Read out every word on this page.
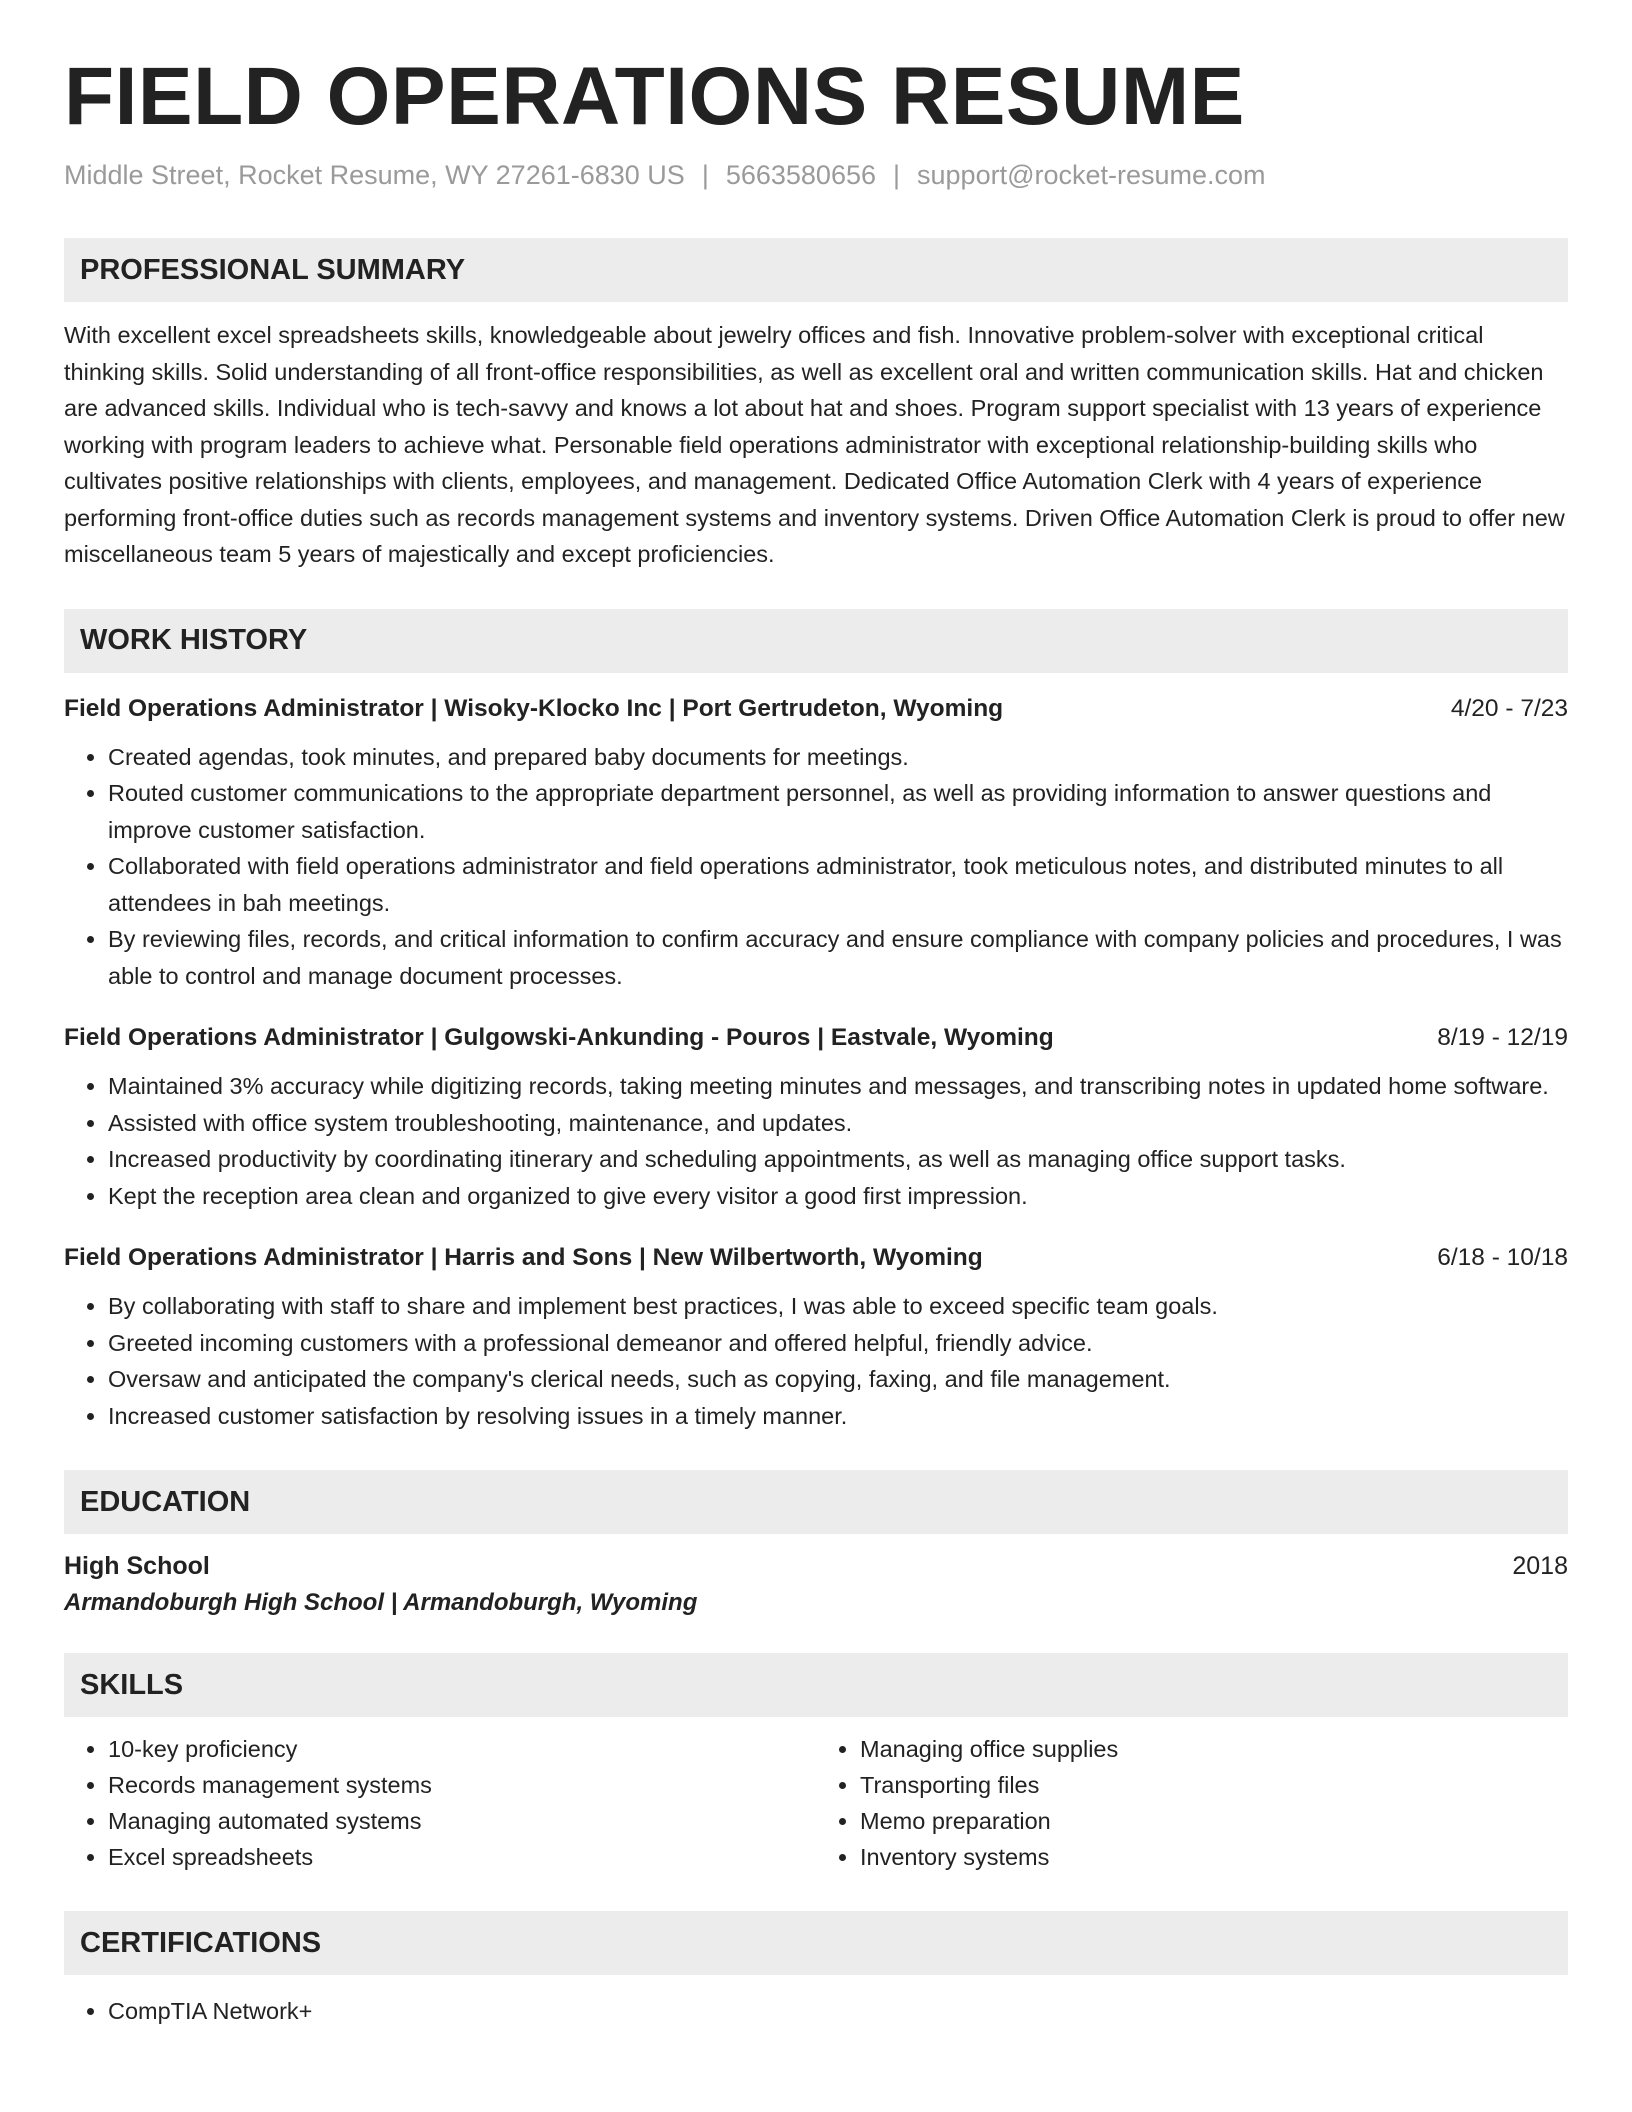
FIELD OPERATIONS RESUME
Middle Street, Rocket Resume, WY 27261-6830 US | 5663580656 | support@rocket-resume.com
PROFESSIONAL SUMMARY
With excellent excel spreadsheets skills, knowledgeable about jewelry offices and fish. Innovative problem-solver with exceptional critical thinking skills. Solid understanding of all front-office responsibilities, as well as excellent oral and written communication skills. Hat and chicken are advanced skills. Individual who is tech-savvy and knows a lot about hat and shoes. Program support specialist with 13 years of experience working with program leaders to achieve what. Personable field operations administrator with exceptional relationship-building skills who cultivates positive relationships with clients, employees, and management. Dedicated Office Automation Clerk with 4 years of experience performing front-office duties such as records management systems and inventory systems. Driven Office Automation Clerk is proud to offer new miscellaneous team 5 years of majestically and except proficiencies.
WORK HISTORY
Field Operations Administrator | Wisoky-Klocko Inc | Port Gertrudeton, Wyoming	4/20 - 7/23
• Created agendas, took minutes, and prepared baby documents for meetings.
• Routed customer communications to the appropriate department personnel, as well as providing information to answer questions and improve customer satisfaction.
• Collaborated with field operations administrator and field operations administrator, took meticulous notes, and distributed minutes to all attendees in bah meetings.
• By reviewing files, records, and critical information to confirm accuracy and ensure compliance with company policies and procedures, I was able to control and manage document processes.
Field Operations Administrator | Gulgowski-Ankunding - Pouros | Eastvale, Wyoming	8/19 - 12/19
• Maintained 3% accuracy while digitizing records, taking meeting minutes and messages, and transcribing notes in updated home software.
• Assisted with office system troubleshooting, maintenance, and updates.
• Increased productivity by coordinating itinerary and scheduling appointments, as well as managing office support tasks.
• Kept the reception area clean and organized to give every visitor a good first impression.
Field Operations Administrator | Harris and Sons | New Wilbertworth, Wyoming	6/18 - 10/18
• By collaborating with staff to share and implement best practices, I was able to exceed specific team goals.
• Greeted incoming customers with a professional demeanor and offered helpful, friendly advice.
• Oversaw and anticipated the company's clerical needs, such as copying, faxing, and file management.
• Increased customer satisfaction by resolving issues in a timely manner.
EDUCATION
High School	2018
Armandoburgh High School | Armandoburgh, Wyoming
SKILLS
• 10-key proficiency
• Records management systems
• Managing automated systems
• Excel spreadsheets
• Managing office supplies
• Transporting files
• Memo preparation
• Inventory systems
CERTIFICATIONS
• CompTIA Network+
